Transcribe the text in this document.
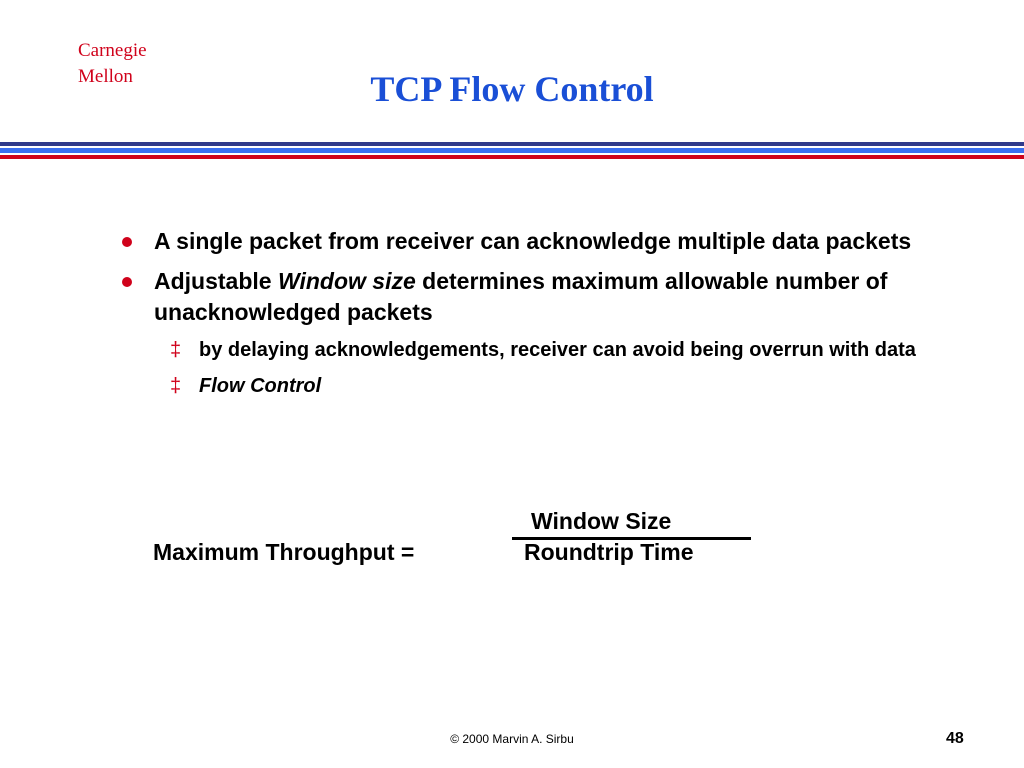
Carnegie
Mellon	TCP Flow Control
A single packet from receiver can acknowledge multiple data packets
Adjustable Window size determines maximum allowable number of unacknowledged packets
‡ by delaying acknowledgements, receiver can avoid being overrun with data
‡ Flow Control
Window Size
Maximum Throughput =	Roundtrip Time
© 2000 Marvin A. Sirbu	48
